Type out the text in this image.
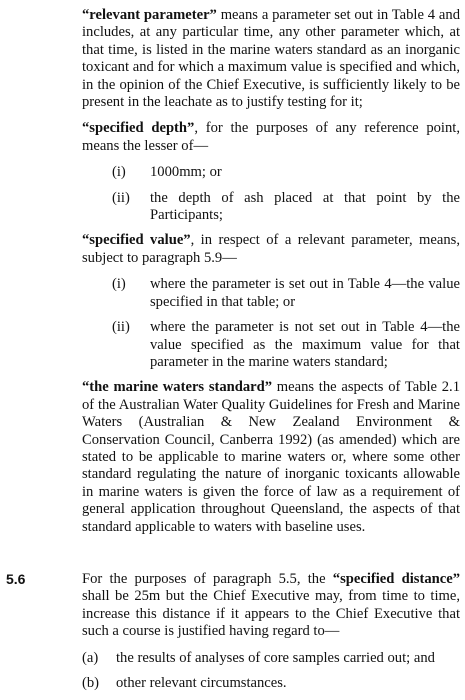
“relevant parameter” means a parameter set out in Table 4 and includes, at any particular time, any other parameter which, at that time, is listed in the marine waters standard as an inorganic toxicant and for which a maximum value is specified and which, in the opinion of the Chief Executive, is sufficiently likely to be present in the leachate as to justify testing for it;

“specified depth”, for the purposes of any reference point, means the lesser of—

(i)	1000mm; or
(ii)	the depth of ash placed at that point by the Participants;

“specified value”, in respect of a relevant parameter, means, subject to paragraph 5.9—

(i)	where the parameter is set out in Table 4—the value specified in that table; or
(ii)	where the parameter is not set out in Table 4—the value specified as the maximum value for that parameter in the marine waters standard;

“the marine waters standard” means the aspects of Table 2.1 of the Australian Water Quality Guidelines for Fresh and Marine Waters (Australian & New Zealand Environment & Conservation Council, Canberra 1992) (as amended) which are stated to be applicable to marine waters or, where some other standard regulating the nature of inorganic toxicants allowable in marine waters is given the force of law as a requirement of general application throughout Queensland, the aspects of that standard applicable to waters with baseline uses.

5.6	For the purposes of paragraph 5.5, the “specified distance” shall be 25m but the Chief Executive may, from time to time, increase this distance if it appears to the Chief Executive that such a course is justified having regard to—

(a)	the results of analyses of core samples carried out; and
(b)	other relevant circumstances.
